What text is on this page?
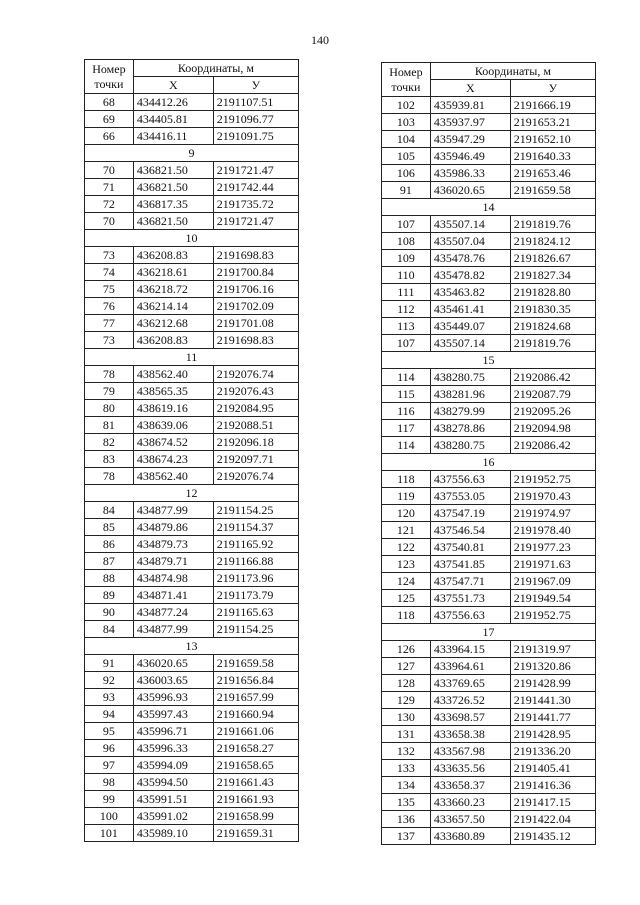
140
Номер
точки	Координаты, м	
	X	У
68	434412.26	2191107.51
69	434405.81	2191096.77
66	434416.11	2191091.75
9		
70	436821.50	2191721.47
71	436821.50	2191742.44
72	436817.35	2191735.72
70	436821.50	2191721.47
10		
73	436208.83	2191698.83
74	436218.61	2191700.84
75	436218.72	2191706.16
76	436214.14	2191702.09
77	436212.68	2191701.08
73	436208.83	2191698.83
11		
78	438562.40	2192076.74
79	438565.35	2192076.43
80	438619.16	2192084.95
81	438639.06	2192088.51
82	438674.52	2192096.18
83	438674.23	2192097.71
78	438562.40	2192076.74
12		
84	434877.99	2191154.25
85	434879.86	2191154.37
86	434879.73	2191165.92
87	434879.71	2191166.88
88	434874.98	2191173.96
89	434871.41	2191173.79
90	434877.24	2191165.63
84	434877.99	2191154.25
13		
91	436020.65	2191659.58
92	436003.65	2191656.84
93	435996.93	2191657.99
94	435997.43	2191660.94
95	435996.71	2191661.06
96	435996.33	2191658.27
97	435994.09	2191658.65
98	435994.50	2191661.43
99	435991.51	2191661.93
100	435991.02	2191658.99
101	435989.10	2191659.31
Номер
точки	Координаты, м	
	X	У
102	435939.81	2191666.19
103	435937.97	2191653.21
104	435947.29	2191652.10
105	435946.49	2191640.33
106	435986.33	2191653.46
91	436020.65	2191659.58
14		
107	435507.14	2191819.76
108	435507.04	2191824.12
109	435478.76	2191826.67
110	435478.82	2191827.34
111	435463.82	2191828.80
112	435461.41	2191830.35
113	435449.07	2191824.68
107	435507.14	2191819.76
15		
114	438280.75	2192086.42
115	438281.96	2192087.79
116	438279.99	2192095.26
117	438278.86	2192094.98
114	438280.75	2192086.42
16		
118	437556.63	2191952.75
119	437553.05	2191970.43
120	437547.19	2191974.97
121	437546.54	2191978.40
122	437540.81	2191977.23
123	437541.85	2191971.63
124	437547.71	2191967.09
125	437551.73	2191949.54
118	437556.63	2191952.75
17		
126	433964.15	2191319.97
127	433964.61	2191320.86
128	433769.65	2191428.99
129	433726.52	2191441.30
130	433698.57	2191441.77
131	433658.38	2191428.95
132	433567.98	2191336.20
133	433635.56	2191405.41
134	433658.37	2191416.36
135	433660.23	2191417.15
136	433657.50	2191422.04
137	433680.89	2191435.12
